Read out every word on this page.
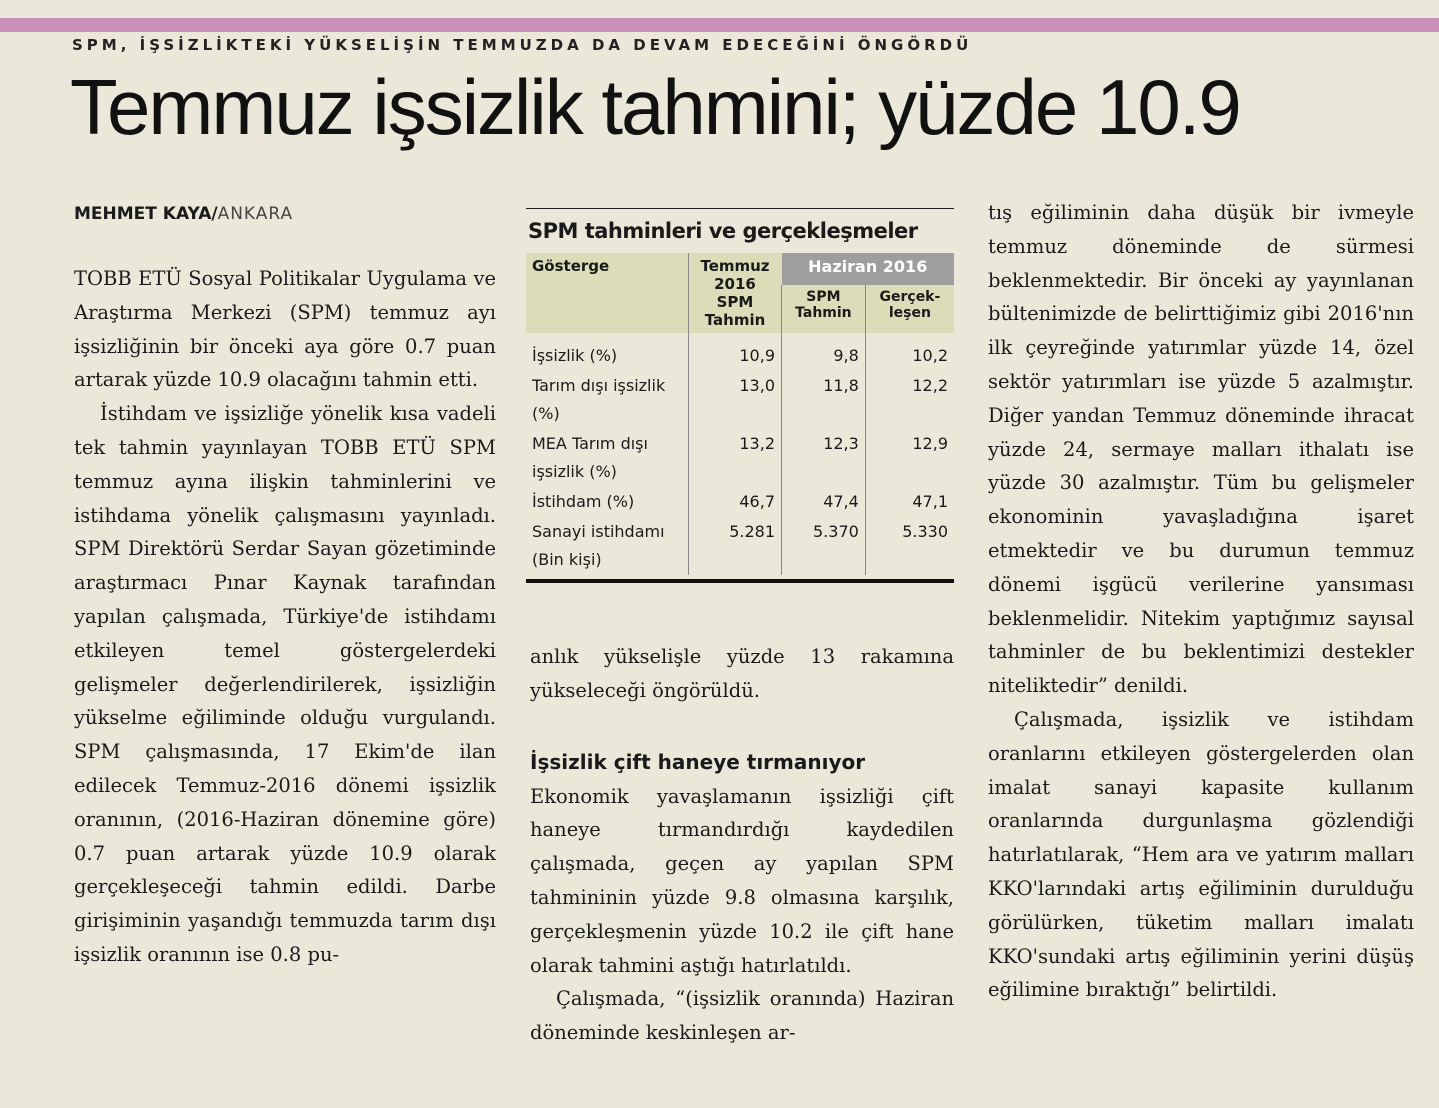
SPM, İŞSİZLİKTEKİ YÜKSELİŞİN TEMMUZDA DA DEVAM EDECEĞİNİ ÖNGÖRDÜ
Temmuz işsizlik tahmini; yüzde 10.9
MEHMET KAYA/ANKARA

TOBB ETÜ Sosyal Politikalar Uygulama ve Araştırma Merkezi (SPM) temmuz ayı işsizliğinin bir önceki aya göre 0.7 puan artarak yüzde 10.9 olacağını tahmin etti.

İstihdam ve işsizliğe yönelik kısa vadeli tek tahmin yayınlayan TOBB ETÜ SPM temmuz ayına ilişkin tahminlerini ve istihdama yönelik çalışmasını yayınladı. SPM Direktörü Serdar Sayan gözetiminde araştırmacı Pınar Kaynak tarafından yapılan çalışmada, Türkiye'de istihdamı etkileyen temel göstergelerdeki gelişmeler değerlendirilerek, işsizliğin yükselme eğiliminde olduğu vurgulandı. SPM çalışmasında, 17 Ekim'de ilan edilecek Temmuz-2016 dönemi işsizlik oranının, (2016-Haziran dönemine göre) 0.7 puan artarak yüzde 10.9 olarak gerçekleşeceği tahmin edildi. Darbe girişiminin yaşandığı temmuzda tarım dışı işsizlik oranının ise 0.8 pu-

SPM tahminleri ve gerçekleşmeler
Gösterge	Temmuz 2016 SPM Tahmin	Haziran 2016	
		SPM Tahmin	Gerçek-leşen

İşsizlik (%)	10,9	9,8	10,2
Tarım dışı işsizlik (%)	13,0	11,8	12,2
MEA Tarım dışı işsizlik (%)	13,2	12,3	12,9
İstihdam (%)	46,7	47,4	47,1
Sanayi istihdamı (Bin kişi)	5.281	5.370	5.330

anlık yükselişle yüzde 13 rakamına yükseleceği öngörüldü.

İşsizlik çift haneye tırmanıyor

Ekonomik yavaşlamanın işsizliği çift haneye tırmandırdığı kaydedilen çalışmada, geçen ay yapılan SPM tahmininin yüzde 9.8 olmasına karşılık, gerçekleşmenin yüzde 10.2 ile çift hane olarak tahmini aştığı hatırlatıldı.

Çalışmada, “(işsizlik oranında) Haziran döneminde keskinleşen ar-

tış eğiliminin daha düşük bir ivmeyle temmuz döneminde de sürmesi beklenmektedir. Bir önceki ay yayınlanan bültenimizde de belirttiğimiz gibi 2016'nın ilk çeyreğinde yatırımlar yüzde 14, özel sektör yatırımları ise yüzde 5 azalmıştır. Diğer yandan Temmuz döneminde ihracat yüzde 24, sermaye malları ithalatı ise yüzde 30 azalmıştır. Tüm bu gelişmeler ekonominin yavaşladığına işaret etmektedir ve bu durumun temmuz dönemi işgücü verilerine yansıması beklenmelidir. Nitekim yaptığımız sayısal tahminler de bu beklentimizi destekler niteliktedir” denildi.

Çalışmada, işsizlik ve istihdam oranlarını etkileyen göstergelerden olan imalat sanayi kapasite kullanım oranlarında durgunlaşma gözlendiği hatırlatılarak, “Hem ara ve yatırım malları KKO'larındaki artış eğiliminin durulduğu görülürken, tüketim malları imalatı KKO'sundaki artış eğiliminin yerini düşüş eğilimine bıraktığı” belirtildi.
